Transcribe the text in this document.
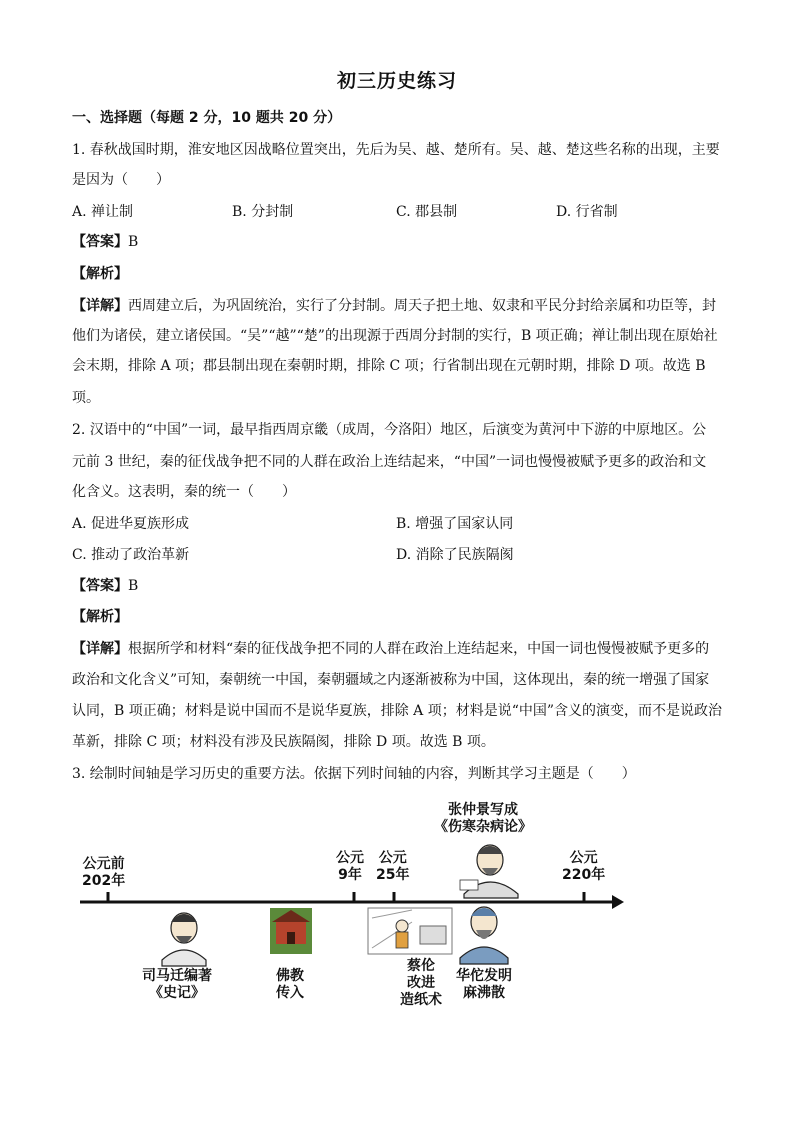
初三历史练习
一、选择题（每题 2 分，10 题共 20 分）
1. 春秋战国时期，淮安地区因战略位置突出，先后为吴、越、楚所有。吴、越、楚这些名称的出现，主要
是因为（　　）
A. 禅让制	B. 分封制	C. 郡县制	D. 行省制
【答案】B
【解析】
【详解】西周建立后，为巩固统治，实行了分封制。周天子把土地、奴隶和平民分封给亲属和功臣等，封
他们为诸侯，建立诸侯国。“吴”“越”“楚”的出现源于西周分封制的实行，B 项正确；禅让制出现在原始社
会末期，排除 A 项；郡县制出现在秦朝时期，排除 C 项；行省制出现在元朝时期，排除 D 项。故选 B
项。
2. 汉语中的“中国”一词，最早指西周京畿（成周，今洛阳）地区，后演变为黄河中下游的中原地区。公
元前 3 世纪，秦的征伐战争把不同的人群在政治上连结起来，“中国”一词也慢慢被赋予更多的政治和文
化含义。这表明，秦的统一（　　）
A. 促进华夏族形成	B. 增强了国家认同
C. 推动了政治革新	D. 消除了民族隔阂
【答案】B
【解析】
【详解】根据所学和材料“秦的征伐战争把不同的人群在政治上连结起来，中国一词也慢慢被赋予更多的
政治和文化含义”可知，秦朝统一中国，秦朝疆域之内逐渐被称为中国，这体现出，秦的统一增强了国家
认同，B 项正确；材料是说中国而不是说华夏族，排除 A 项；材料是说“中国”含义的演变，而不是说政治
革新，排除 C 项；材料没有涉及民族隔阂，排除 D 项。故选 B 项。
3. 绘制时间轴是学习历史的重要方法。依据下列时间轴的内容，判断其学习主题是（　　）
公元前
202年
公元
9年
公元
25年
公元
220年
司马迁编著
《史记》
佛教
传入
蔡伦
改进
造纸术
华佗发明
麻沸散
张仲景写成
《伤寒杂病论》
